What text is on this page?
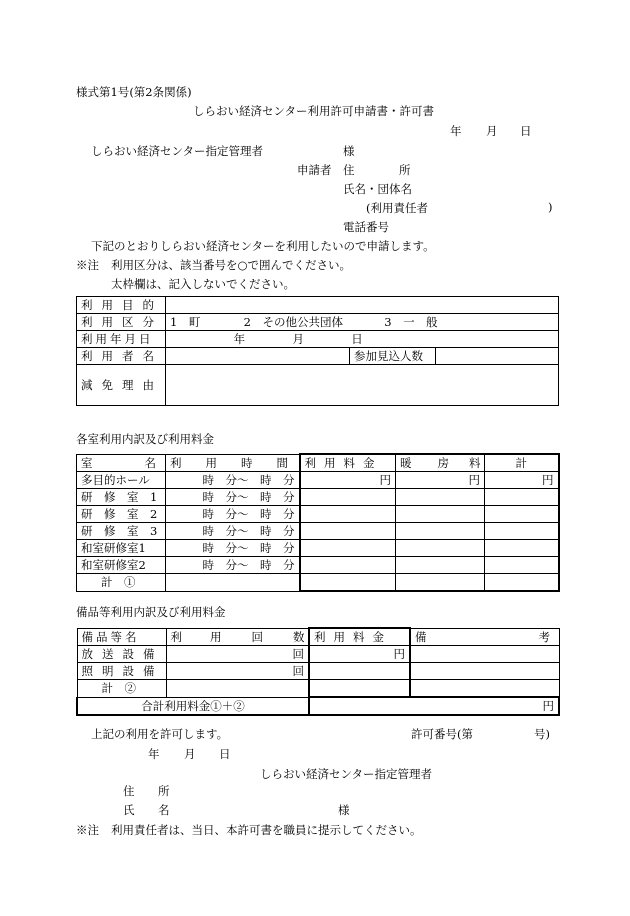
様式第1号(第2条関係)
しらおい経済センター利用許可申請書・許可書
年 月 日
しらおい経済センター指定管理者	様
申請者 住	所
氏名・団体名
(利用責任者	)
電話番号
下記のとおりしらおい経済センターを利用したいので申請します。
※注 利用区分は、該当番号を○で囲んでください。
太枠欄は、記入しないでください。
利用目的			
利用区分	1　町 2　その他公共団体 3　一　般		
利用年月日	年 月 日		
利用者名		参加見込人数	
減免理由			
各室利用内訳及び利用料金
室 名	利 用 時 間	利用料金	暖 房 料	計
多目的ホール	時　分～　時　分	円	円	円
研　修　室　1	時　分～　時　分			
研　修　室　2	時　分～　時　分			
研　修　室　3	時　分～　時　分			
和室研修室1	時　分～　時　分			
和室研修室2	時　分～　時　分			
計　①				
備品等利用内訳及び利用料金
備品等名	利 用 回 数	利用料金	備 考
放送設備	回	円	
照明設備	回		
計　②			
合計利用料金①＋②		円	
上記の利用を許可します。	許可番号(第	号)
年 月 日
しらおい経済センター指定管理者
住 所
氏 名	様
※注 利用責任者は、当日、本許可書を職員に提示してください。
